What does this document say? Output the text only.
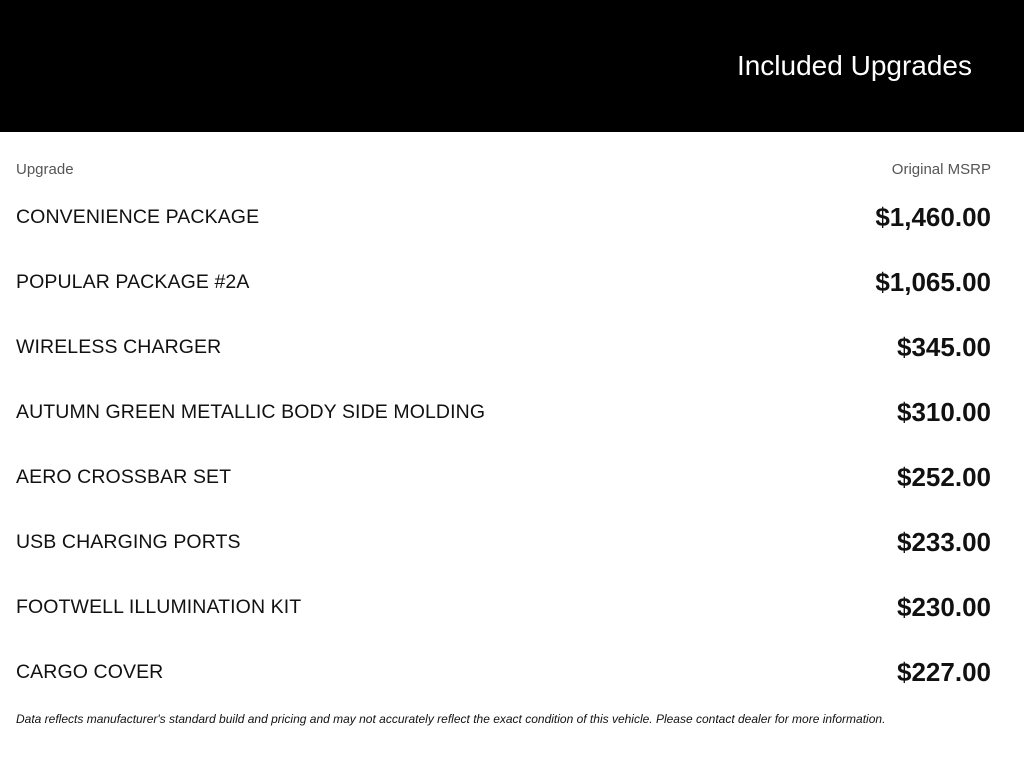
Included Upgrades
Upgrade	Original MSRP
CONVENIENCE PACKAGE	$1,460.00
POPULAR PACKAGE #2A	$1,065.00
WIRELESS CHARGER	$345.00
AUTUMN GREEN METALLIC BODY SIDE MOLDING	$310.00
AERO CROSSBAR SET	$252.00
USB CHARGING PORTS	$233.00
FOOTWELL ILLUMINATION KIT	$230.00
CARGO COVER	$227.00
Data reflects manufacturer's standard build and pricing and may not accurately reflect the exact condition of this vehicle. Please contact dealer for more information.
